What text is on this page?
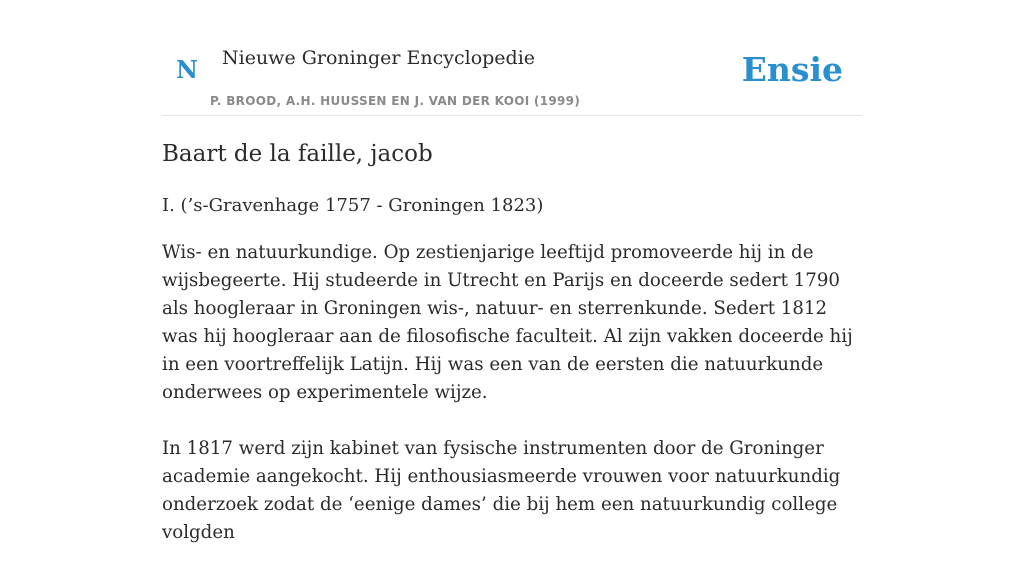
N Nieuwe Groninger Encyclopedie
P. BROOD, A.H. HUUSSEN EN J. VAN DER KOOI (1999)
Ensie
Baart de la faille, jacob

I. (’s-Gravenhage 1757 - Groningen 1823)

Wis- en natuurkundige. Op zestienjarige leeftijd promoveerde hij in de wijsbegeerte. Hij studeerde in Utrecht en Parijs en doceerde sedert 1790 als hoogleraar in Groningen wis-, natuur- en sterrenkunde. Sedert 1812 was hij hoogleraar aan de filosofische faculteit. Al zijn vakken doceerde hij in een voortreffelijk Latijn. Hij was een van de eersten die natuurkunde onderwees op experimentele wijze.

In 1817 werd zijn kabinet van fysische instrumenten door de Groninger academie aangekocht. Hij enthousiasmeerde vrouwen voor natuurkundig onderzoek zodat de ‘eenige dames’ die bij hem een natuurkundig college volgden
